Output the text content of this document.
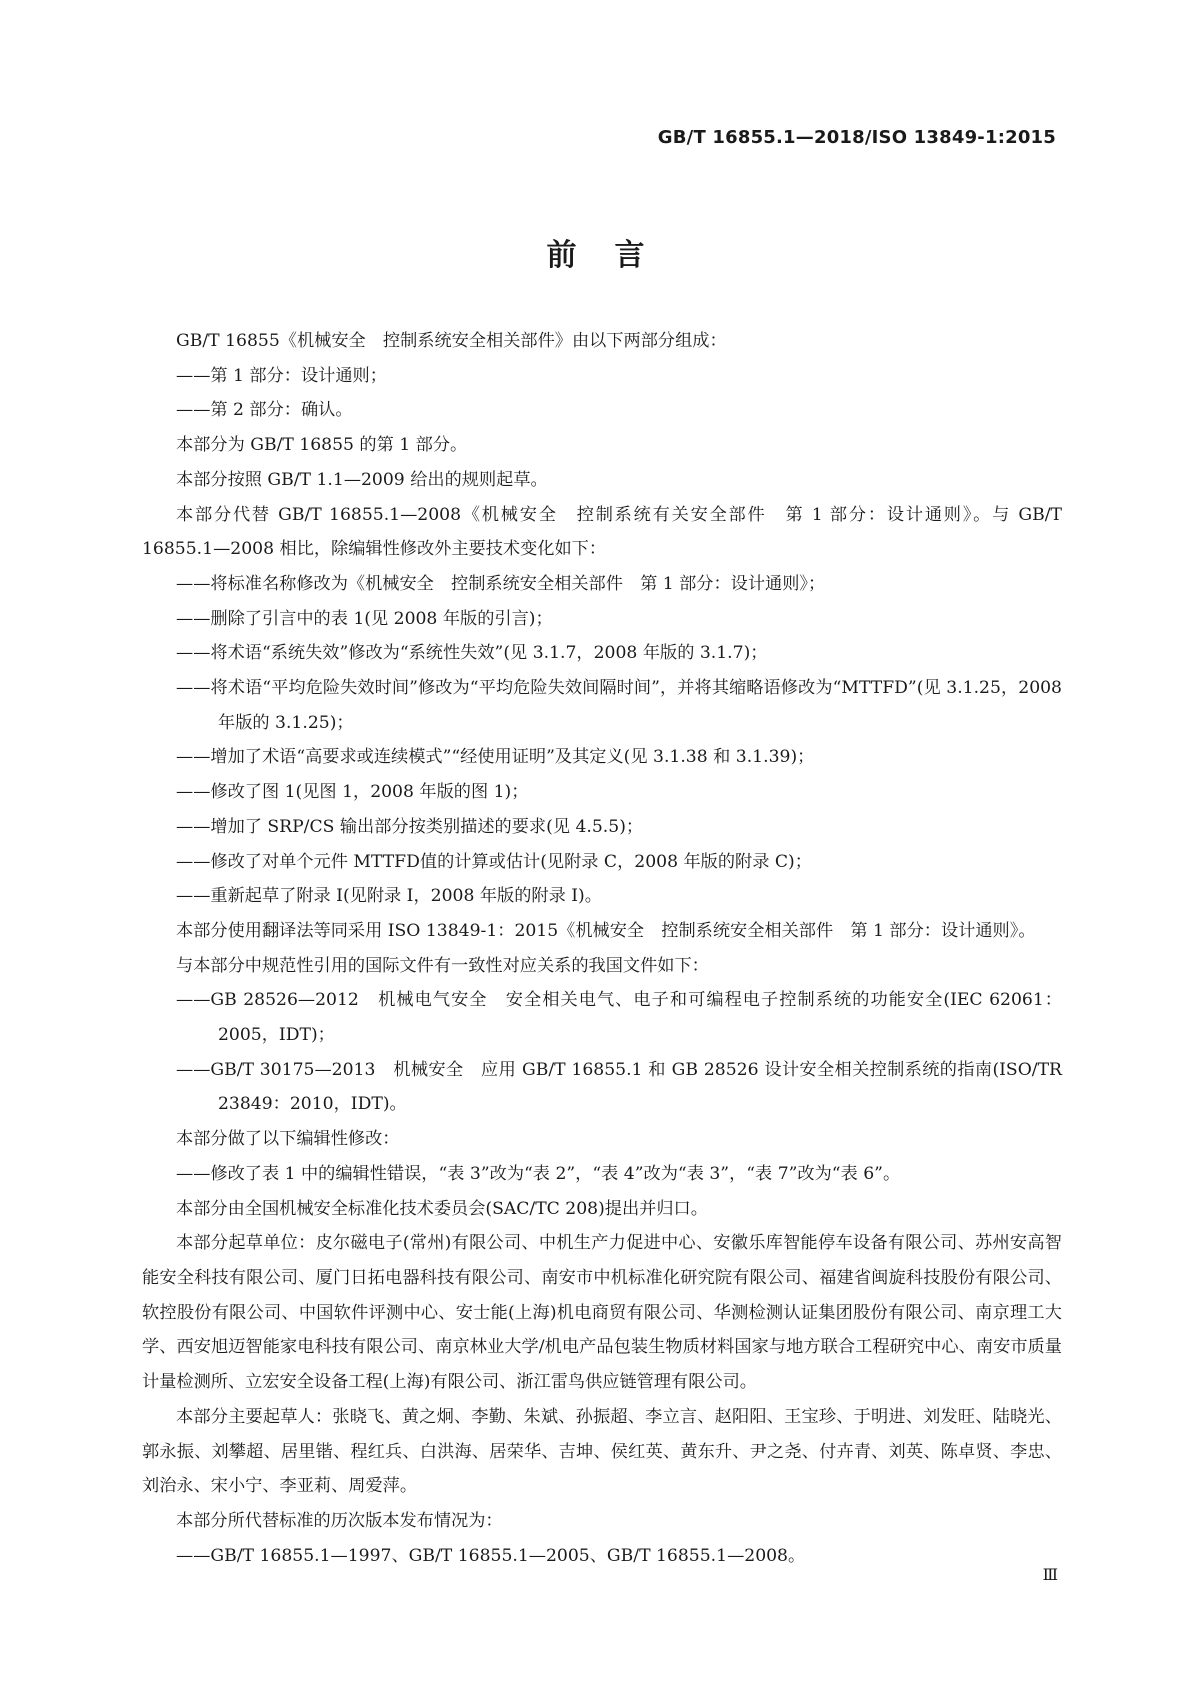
GB/T 16855.1—2018/ISO 13849-1:2015
前言

GB/T 16855《机械安全　控制系统安全相关部件》由以下两部分组成：

——第 1 部分：设计通则；

——第 2 部分：确认。

本部分为 GB/T 16855 的第 1 部分。

本部分按照 GB/T 1.1—2009 给出的规则起草。

本部分代替 GB/T 16855.1—2008《机械安全　控制系统有关安全部件　第 1 部分：设计通则》。与 GB/T 16855.1—2008 相比，除编辑性修改外主要技术变化如下：

——将标准名称修改为《机械安全　控制系统安全相关部件　第 1 部分：设计通则》；

——删除了引言中的表 1(见 2008 年版的引言)；

——将术语“系统失效”修改为“系统性失效”(见 3.1.7，2008 年版的 3.1.7)；

——将术语“平均危险失效时间”修改为“平均危险失效间隔时间”，并将其缩略语修改为“MTTFD”(见 3.1.25，2008 年版的 3.1.25)；

——增加了术语“高要求或连续模式”“经使用证明”及其定义(见 3.1.38 和 3.1.39)；

——修改了图 1(见图 1，2008 年版的图 1)；

——增加了 SRP/CS 输出部分按类别描述的要求(见 4.5.5)；

——修改了对单个元件 MTTFD值的计算或估计(见附录 C，2008 年版的附录 C)；

——重新起草了附录 I(见附录 I，2008 年版的附录 I)。

本部分使用翻译法等同采用 ISO 13849-1：2015《机械安全　控制系统安全相关部件　第 1 部分：设计通则》。

与本部分中规范性引用的国际文件有一致性对应关系的我国文件如下：

——GB 28526—2012　机械电气安全　安全相关电气、电子和可编程电子控制系统的功能安全(IEC 62061：2005，IDT)；

——GB/T 30175—2013　机械安全　应用 GB/T 16855.1 和 GB 28526 设计安全相关控制系统的指南(ISO/TR 23849：2010，IDT)。

本部分做了以下编辑性修改：

——修改了表 1 中的编辑性错误，“表 3”改为“表 2”，“表 4”改为“表 3”，“表 7”改为“表 6”。

本部分由全国机械安全标准化技术委员会(SAC/TC 208)提出并归口。

本部分起草单位：皮尔磁电子(常州)有限公司、中机生产力促进中心、安徽乐库智能停车设备有限公司、苏州安高智能安全科技有限公司、厦门日拓电器科技有限公司、南安市中机标准化研究院有限公司、福建省闽旋科技股份有限公司、软控股份有限公司、中国软件评测中心、安士能(上海)机电商贸有限公司、华测检测认证集团股份有限公司、南京理工大学、西安旭迈智能家电科技有限公司、南京林业大学/机电产品包装生物质材料国家与地方联合工程研究中心、南安市质量计量检测所、立宏安全设备工程(上海)有限公司、浙江雷鸟供应链管理有限公司。

本部分主要起草人：张晓飞、黄之炯、李勤、朱斌、孙振超、李立言、赵阳阳、王宝珍、于明进、刘发旺、陆晓光、郭永振、刘攀超、居里锴、程红兵、白洪海、居荣华、吉坤、侯红英、黄东升、尹之尧、付卉青、刘英、陈卓贤、李忠、刘治永、宋小宁、李亚莉、周爱萍。

本部分所代替标准的历次版本发布情况为：

——GB/T 16855.1—1997、GB/T 16855.1—2005、GB/T 16855.1—2008。

Ⅲ
